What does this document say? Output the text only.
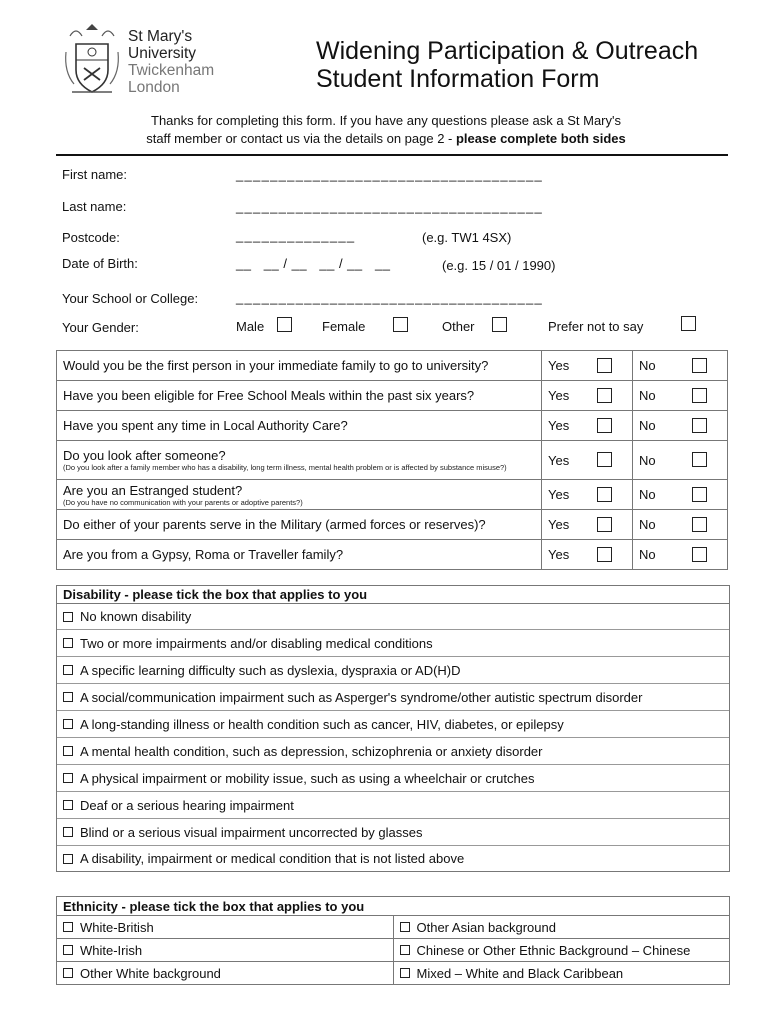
St Mary's
University
Twickenham
London
Widening Participation & Outreach
Student Information Form
Thanks for completing this form. If you have any questions please ask a St Mary's
staff member or contact us via the details on page 2 - please complete both sides
First name:	____________________________________
Last name:	____________________________________
Postcode:	______________	(e.g. TW1 4SX)
Date of Birth:	__   __ / __   __ / __   __	(e.g. 15 / 01 / 1990)
Your School or College:	____________________________________
Your Gender:	Male	Female	Other	Prefer not to say
Would you be the first person in your immediate family to go to university?	Yes	No

Have you been eligible for Free School Meals within the past six years?	Yes	No

Have you spent any time in Local Authority Care?	Yes	No

Do you look after someone?
(Do you look after a family member who has a disability, long term illness, mental health problem or is affected by substance misuse?)	Yes	No

Are you an Estranged student?
(Do you have no communication with your parents or adoptive parents?)	Yes	No

Do either of your parents serve in the Military (armed forces or reserves)?	Yes	No

Are you from a Gypsy, Roma or Traveller family?	Yes	No
Disability - please tick the box that applies to you
No known disability
Two or more impairments and/or disabling medical conditions
A specific learning difficulty such as dyslexia, dyspraxia or AD(H)D
A social/communication impairment such as Asperger's syndrome/other autistic spectrum disorder
A long-standing illness or health condition such as cancer, HIV, diabetes, or epilepsy
A mental health condition, such as depression, schizophrenia or anxiety disorder
A physical impairment or mobility issue, such as using a wheelchair or crutches
Deaf or a serious hearing impairment
Blind or a serious visual impairment uncorrected by glasses
A disability, impairment or medical condition that is not listed above
Ethnicity - please tick the box that applies to you	
White-British	Other Asian background
White-Irish	Chinese or Other Ethnic Background – Chinese
Other White background	Mixed – White and Black Caribbean
